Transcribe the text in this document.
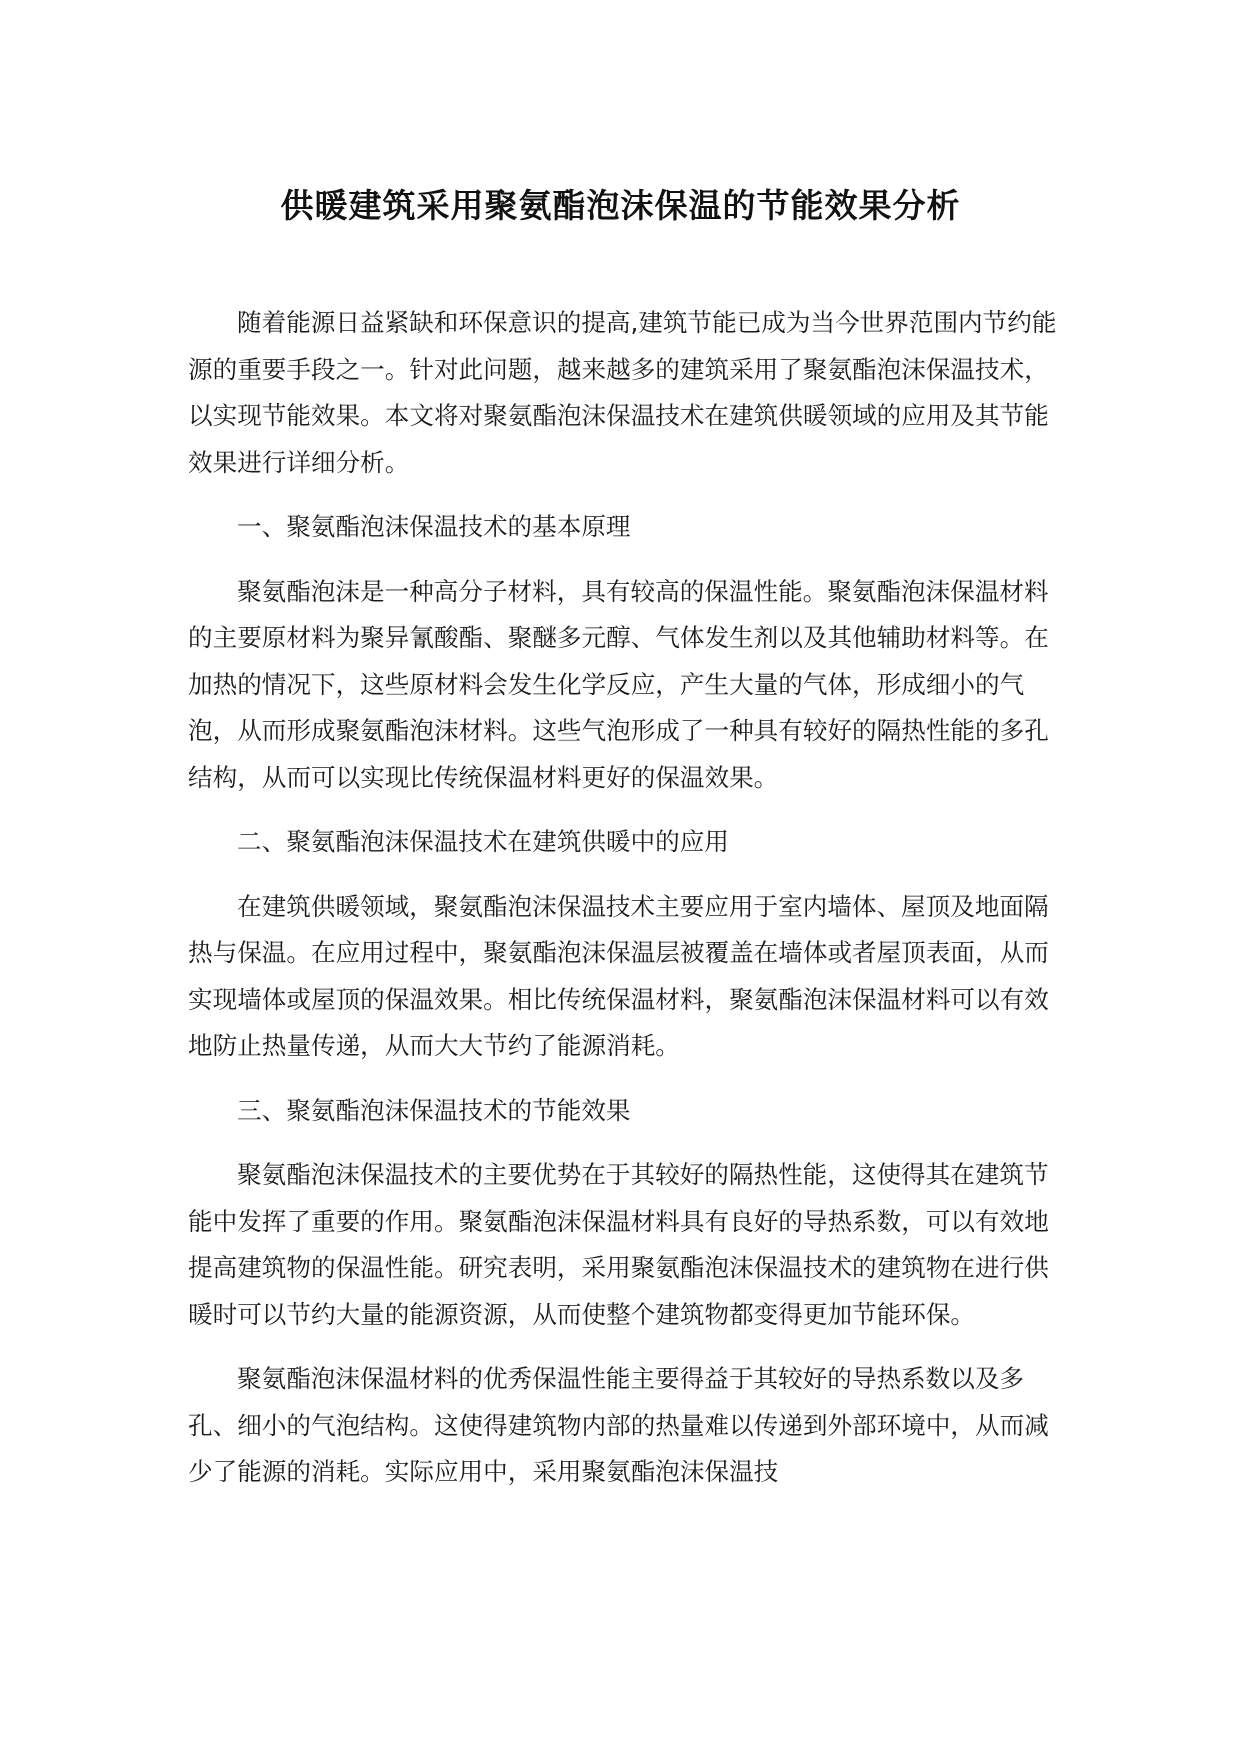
供暖建筑采用聚氨酯泡沫保温的节能效果分析

随着能源日益紧缺和环保意识的提高,建筑节能已成为当今世界范围内节约能源的重要手段之一。针对此问题，越来越多的建筑采用了聚氨酯泡沫保温技术，以实现节能效果。本文将对聚氨酯泡沫保温技术在建筑供暖领域的应用及其节能效果进行详细分析。

一、聚氨酯泡沫保温技术的基本原理

聚氨酯泡沫是一种高分子材料，具有较高的保温性能。聚氨酯泡沫保温材料的主要原材料为聚异氰酸酯、聚醚多元醇、气体发生剂以及其他辅助材料等。在加热的情况下，这些原材料会发生化学反应，产生大量的气体，形成细小的气泡，从而形成聚氨酯泡沫材料。这些气泡形成了一种具有较好的隔热性能的多孔结构，从而可以实现比传统保温材料更好的保温效果。

二、聚氨酯泡沫保温技术在建筑供暖中的应用

在建筑供暖领域，聚氨酯泡沫保温技术主要应用于室内墙体、屋顶及地面隔热与保温。在应用过程中，聚氨酯泡沫保温层被覆盖在墙体或者屋顶表面，从而实现墙体或屋顶的保温效果。相比传统保温材料，聚氨酯泡沫保温材料可以有效地防止热量传递，从而大大节约了能源消耗。

三、聚氨酯泡沫保温技术的节能效果

聚氨酯泡沫保温技术的主要优势在于其较好的隔热性能，这使得其在建筑节能中发挥了重要的作用。聚氨酯泡沫保温材料具有良好的导热系数，可以有效地提高建筑物的保温性能。研究表明，采用聚氨酯泡沫保温技术的建筑物在进行供暖时可以节约大量的能源资源，从而使整个建筑物都变得更加节能环保。

聚氨酯泡沫保温材料的优秀保温性能主要得益于其较好的导热系数以及多孔、细小的气泡结构。这使得建筑物内部的热量难以传递到外部环境中，从而减少了能源的消耗。实际应用中，采用聚氨酯泡沫保温技
